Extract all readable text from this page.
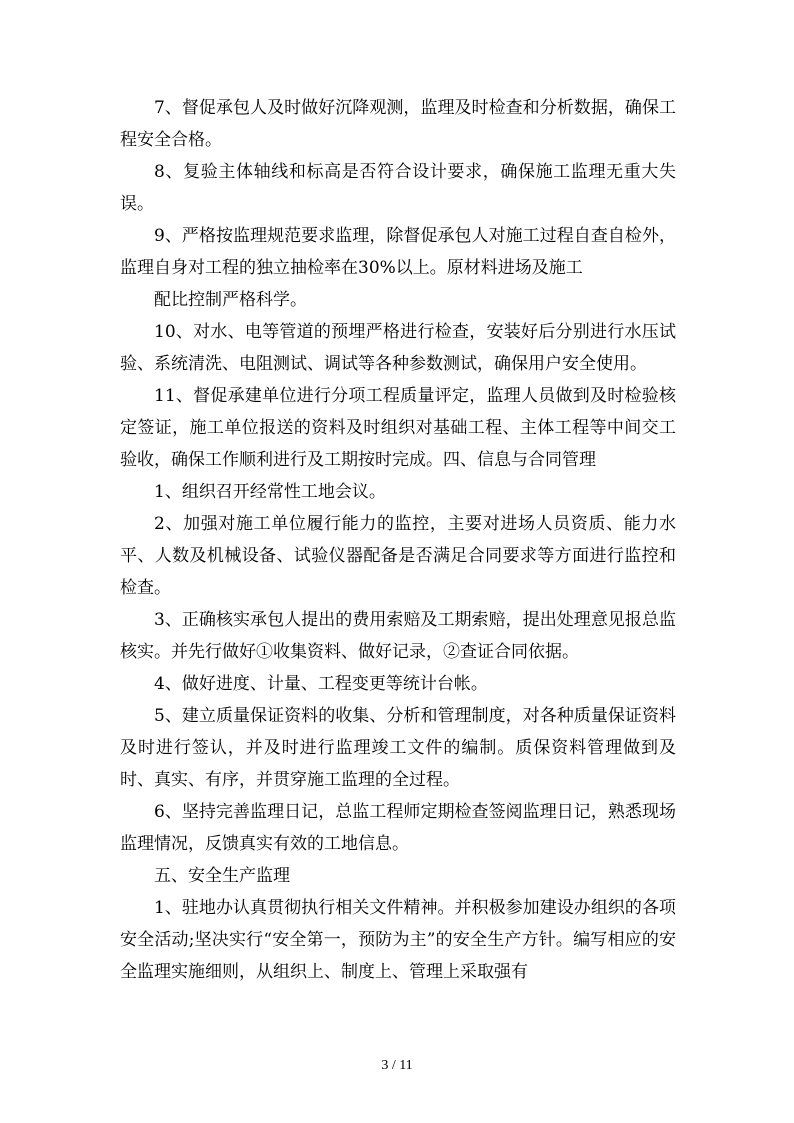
7、督促承包人及时做好沉降观测，监理及时检查和分析数据，确保工程安全合格。

8、复验主体轴线和标高是否符合设计要求，确保施工监理无重大失误。

9、严格按监理规范要求监理，除督促承包人对施工过程自查自检外，监理自身对工程的独立抽检率在30%以上。原材料进场及施工

配比控制严格科学。

10、对水、电等管道的预埋严格进行检查，安装好后分别进行水压试验、系统清洗、电阻测试、调试等各种参数测试，确保用户安全使用。

11、督促承建单位进行分项工程质量评定，监理人员做到及时检验核定签证，施工单位报送的资料及时组织对基础工程、主体工程等中间交工验收，确保工作顺利进行及工期按时完成。四、信息与合同管理

1、组织召开经常性工地会议。

2、加强对施工单位履行能力的监控，主要对进场人员资质、能力水平、人数及机械设备、试验仪器配备是否满足合同要求等方面进行监控和检查。

3、正确核实承包人提出的费用索赔及工期索赔，提出处理意见报总监核实。并先行做好①收集资料、做好记录，②查证合同依据。

4、做好进度、计量、工程变更等统计台帐。

5、建立质量保证资料的收集、分析和管理制度，对各种质量保证资料及时进行签认，并及时进行监理竣工文件的编制。质保资料管理做到及时、真实、有序，并贯穿施工监理的全过程。

6、坚持完善监理日记，总监工程师定期检查签阅监理日记，熟悉现场监理情况，反馈真实有效的工地信息。

五、安全生产监理

1、驻地办认真贯彻执行相关文件精神。并积极参加建设办组织的各项安全活动;坚决实行“安全第一，预防为主”的安全生产方针。编写相应的安全监理实施细则，从组织上、制度上、管理上采取强有

3 / 11
